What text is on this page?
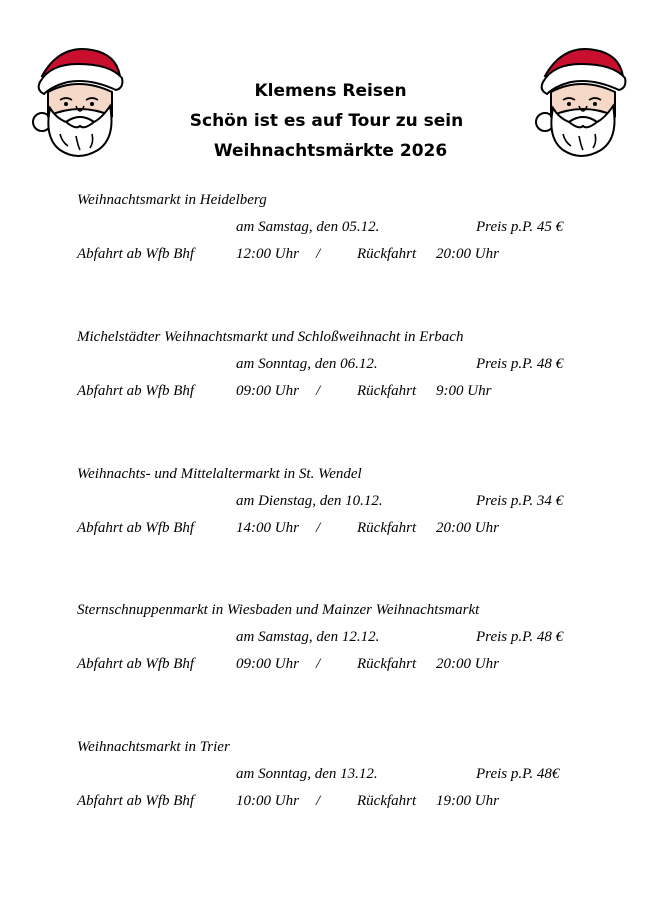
Klemens Reisen
Schön ist es auf Tour zu sein
Weihnachtsmärkte 2026
Weihnachtsmarkt in Heidelberg
am Samstag, den 05.12.	Preis p.P. 45 €
Abfahrt ab Wfb Bhf	12:00 Uhr / Rückfahrt 20:00 Uhr
Michelstädter Weihnachtsmarkt und Schloßweihnacht in Erbach
am Sonntag, den 06.12.	Preis p.P. 48 €
Abfahrt ab Wfb Bhf	09:00 Uhr / Rückfahrt 9:00 Uhr
Weihnachts- und Mittelaltermarkt in St. Wendel
am Dienstag, den 10.12.	Preis p.P. 34 €
Abfahrt ab Wfb Bhf	14:00 Uhr / Rückfahrt 20:00 Uhr
Sternschnuppenmarkt in Wiesbaden und Mainzer Weihnachtsmarkt
am Samstag, den 12.12.	Preis p.P. 48 €
Abfahrt ab Wfb Bhf	09:00 Uhr / Rückfahrt 20:00 Uhr
Weihnachtsmarkt in Trier
am Sonntag, den 13.12.	Preis p.P. 48€
Abfahrt ab Wfb Bhf	10:00 Uhr / Rückfahrt 19:00 Uhr
